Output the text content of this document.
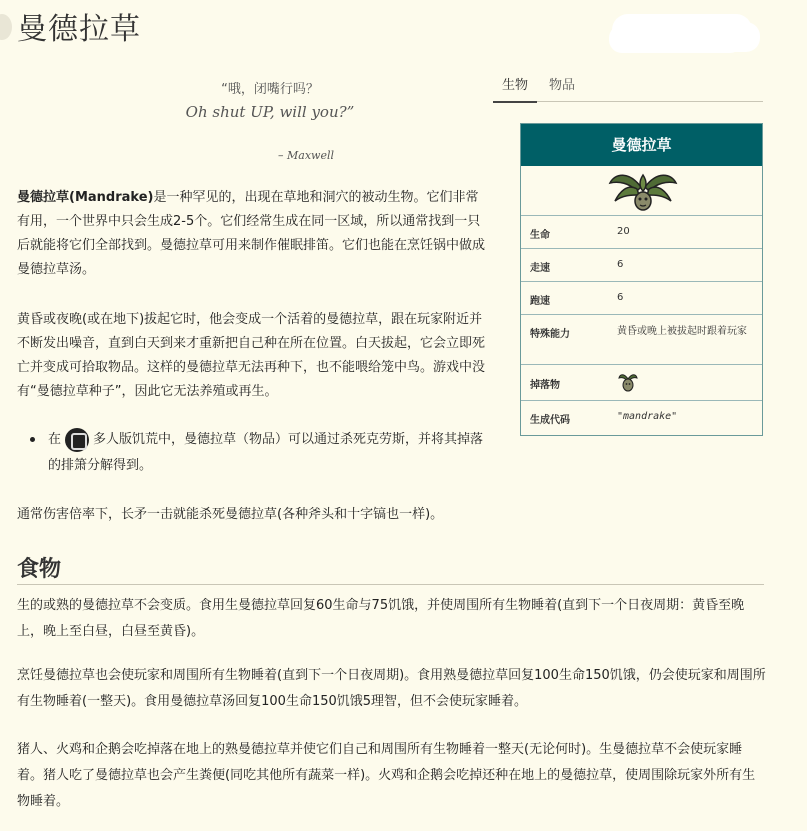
曼德拉草
“哦，闭嘴行吗？
Oh shut UP, will you?”
– Maxwell
曼德拉草(Mandrake)是一种罕见的，出现在草地和洞穴的被动生物。它们非常有用，一个世界中只会生成2-5个。它们经常生成在同一区域，所以通常找到一只后就能将它们全部找到。曼德拉草可用来制作催眠排笛。它们也能在烹饪锅中做成曼德拉草汤。
黄昏或夜晚(或在地下)拔起它时，他会变成一个活着的曼德拉草，跟在玩家附近并不断发出噪音，直到白天到来才重新把自己种在所在位置。白天拔起，它会立即死亡并变成可拾取物品。这样的曼德拉草无法再种下，也不能喂给笼中鸟。游戏中没有“曼德拉草种子”，因此它无法养殖或再生。
在 多人版饥荒中，曼德拉草（物品）可以通过杀死克劳斯，并将其掉落的排箫分解得到。
通常伤害倍率下，长矛一击就能杀死曼德拉草(各种斧头和十字镐也一样)。
食物
生的或熟的曼德拉草不会变质。食用生曼德拉草回复60生命与75饥饿，并使周围所有生物睡着(直到下一个日夜周期：黄昏至晚上，晚上至白昼，白昼至黄昏)。
烹饪曼德拉草也会使玩家和周围所有生物睡着(直到下一个日夜周期)。食用熟曼德拉草回复100生命150饥饿，仍会使玩家和周围所有生物睡着(一整天)。食用曼德拉草汤回复100生命150饥饿5理智，但不会使玩家睡着。
猪人、火鸡和企鹅会吃掉落在地上的熟曼德拉草并使它们自己和周围所有生物睡着一整天(无论何时)。生曼德拉草不会使玩家睡着。猪人吃了曼德拉草也会产生粪便(同吃其他所有蔬菜一样)。火鸡和企鹅会吃掉还种在地上的曼德拉草，使周围除玩家外所有生物睡着。
生物	物品
曼德拉草
生命	20
走速	6
跑速	6
特殊能力	黄昏或晚上被拔起时跟着玩家
掉落物
生成代码	"mandrake"
